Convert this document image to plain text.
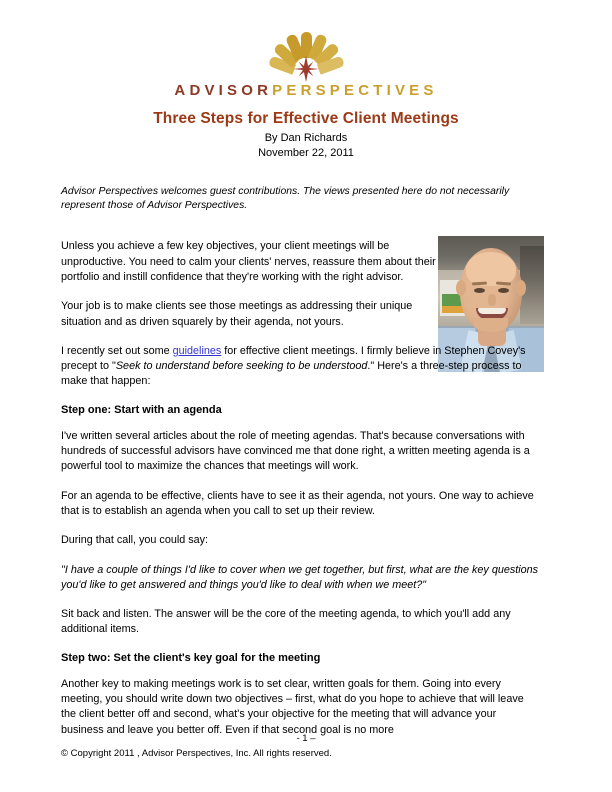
ADVISORPERSPECTIVES
Three Steps for Effective Client Meetings
By Dan Richards
November 22, 2011

Advisor Perspectives welcomes guest contributions. The views presented here do not necessarily represent those of Advisor Perspectives.

Unless you achieve a few key objectives, your client meetings will be unproductive. You need to calm your clients' nerves, reassure them about their portfolio and instill confidence that they're working with the right advisor.

Your job is to make clients see those meetings as addressing their unique situation and as driven squarely by their agenda, not yours.

I recently set out some guidelines for effective client meetings. I firmly believe in Stephen Covey's precept to "Seek to understand before seeking to be understood." Here's a three-step process to make that happen:

Step one: Start with an agenda

I've written several articles about the role of meeting agendas. That's because conversations with hundreds of successful advisors have convinced me that done right, a written meeting agenda is a powerful tool to maximize the chances that meetings will work.

For an agenda to be effective, clients have to see it as their agenda, not yours. One way to achieve that is to establish an agenda when you call to set up their review.

During that call, you could say:

"I have a couple of things I'd like to cover when we get together, but first, what are the key questions you'd like to get answered and things you'd like to deal with when we meet?"

Sit back and listen. The answer will be the core of the meeting agenda, to which you'll add any additional items.

Step two: Set the client's key goal for the meeting

Another key to making meetings work is to set clear, written goals for them. Going into every meeting, you should write down two objectives – first, what do you hope to achieve that will leave the client better off and second, what's your objective for the meeting that will advance your business and leave you better off. Even if that second goal is no more

- 1 –
© Copyright 2011 , Advisor Perspectives, Inc. All rights reserved.
